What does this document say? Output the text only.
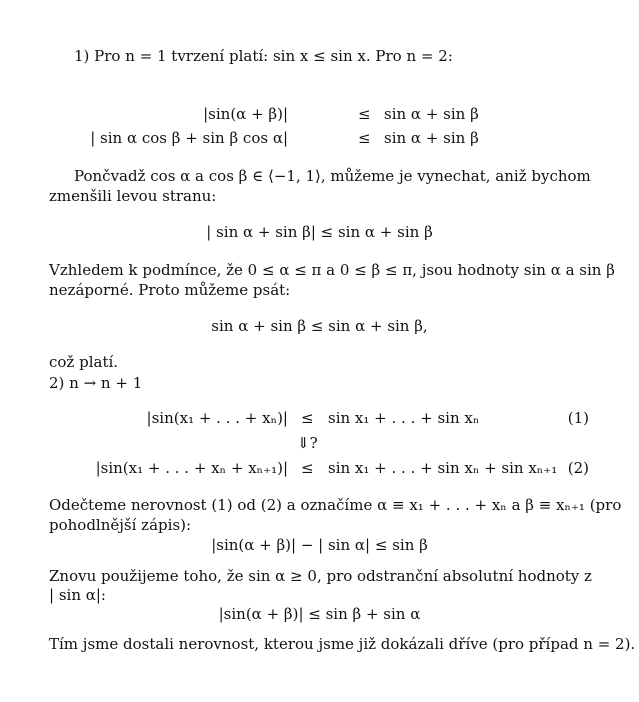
1) Pro n = 1 tvrzení platí: sin x ≤ sin x. Pro n = 2:
|sin(α + β)|	≤ sin α + sin β
| sin α cos β + sin β cos α|	≤ sin α + sin β
Pončvadž cos α a cos β ∈ ⟨−1, 1⟩, můžeme je vynechat, aniž bychom
zmenšili levou stranu:
| sin α + sin β| ≤ sin α + sin β
Vzhledem k podmínce, že 0 ≤ α ≤ π a 0 ≤ β ≤ π, jsou hodnoty sin α a sin β
nezáporné. Proto můžeme psát:
sin α + sin β ≤ sin α + sin β,
což platí.
2) n → n + 1
|sin(x₁ + . . . + xₙ)| ≤ sin x₁ + . . . + sin xₙ	(1)
⇓?
|sin(x₁ + . . . + xₙ + xₙ₊₁)| ≤ sin x₁ + . . . + sin xₙ + sin xₙ₊₁ (2)
Odečteme nerovnost (1) od (2) a označíme α ≡ x₁ + . . . + xₙ a β ≡ xₙ₊₁ (pro
pohodlnější zápis):
|sin(α + β)| − | sin α| ≤ sin β
Znovu použijeme toho, že sin α ≥ 0, pro odstranční absolutní hodnoty z
| sin α|:
|sin(α + β)| ≤ sin β + sin α
Tím jsme dostali nerovnost, kterou jsme již dokázali dříve (pro případ n = 2).
